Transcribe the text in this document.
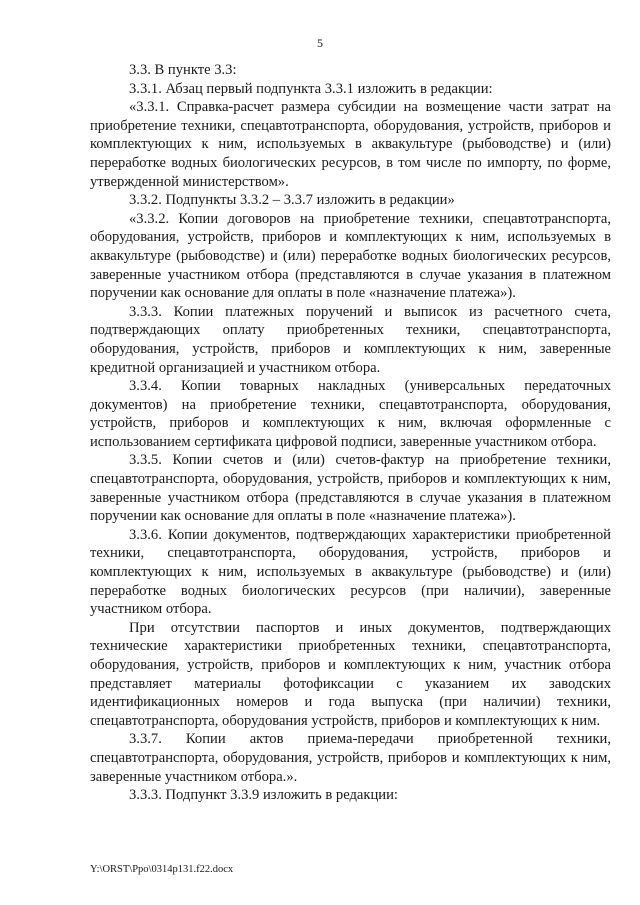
5

3.3. В пункте 3.3:

3.3.1. Абзац первый подпункта 3.3.1 изложить в редакции:

«3.3.1. Справка-расчет размера субсидии на возмещение части затрат на приобретение техники, спецавтотранспорта, оборудования, устройств, приборов и комплектующих к ним, используемых в аквакультуре (рыбоводстве) и (или) переработке водных биологических ресурсов, в том числе по импорту, по форме, утвержденной министерством».

3.3.2. Подпункты 3.3.2 – 3.3.7 изложить в редакции»

«3.3.2. Копии договоров на приобретение техники, спецавтотранспорта, оборудования, устройств, приборов и комплектующих к ним, используемых в аквакультуре (рыбоводстве) и (или) переработке водных биологических ресурсов, заверенные участником отбора (представляются в случае указания в платежном поручении как основание для оплаты в поле «назначение платежа»).

3.3.3. Копии платежных поручений и выписок из расчетного счета, подтверждающих оплату приобретенных техники, спецавтотранспорта, оборудования, устройств, приборов и комплектующих к ним, заверенные кредитной организацией и участником отбора.

3.3.4. Копии товарных накладных (универсальных передаточных документов) на приобретение техники, спецавтотранспорта, оборудования, устройств, приборов и комплектующих к ним, включая оформленные с использованием сертификата цифровой подписи, заверенные участником отбора.

3.3.5. Копии счетов и (или) счетов-фактур на приобретение техники, спецавтотранспорта, оборудования, устройств, приборов и комплектующих к ним, заверенные участником отбора (представляются в случае указания в платежном поручении как основание для оплаты в поле «назначение платежа»).

3.3.6. Копии документов, подтверждающих характеристики приобретенной техники, спецавтотранспорта, оборудования, устройств, приборов и комплектующих к ним, используемых в аквакультуре (рыбоводстве) и (или) переработке водных биологических ресурсов (при наличии), заверенные участником отбора.

При отсутствии паспортов и иных документов, подтверждающих технические характеристики приобретенных техники, спецавтотранспорта, оборудования, устройств, приборов и комплектующих к ним, участник отбора представляет материалы фотофиксации с указанием их заводских идентификационных номеров и года выпуска (при наличии) техники, спецавтотранспорта, оборудования устройств, приборов и комплектующих к ним.

3.3.7. Копии актов приема-передачи приобретенной техники, спецавтотранспорта, оборудования, устройств, приборов и комплектующих к ним, заверенные участником отбора.».

3.3.3. Подпункт 3.3.9 изложить в редакции:

Y:\ORST\Ppo\0314p131.f22.docx
